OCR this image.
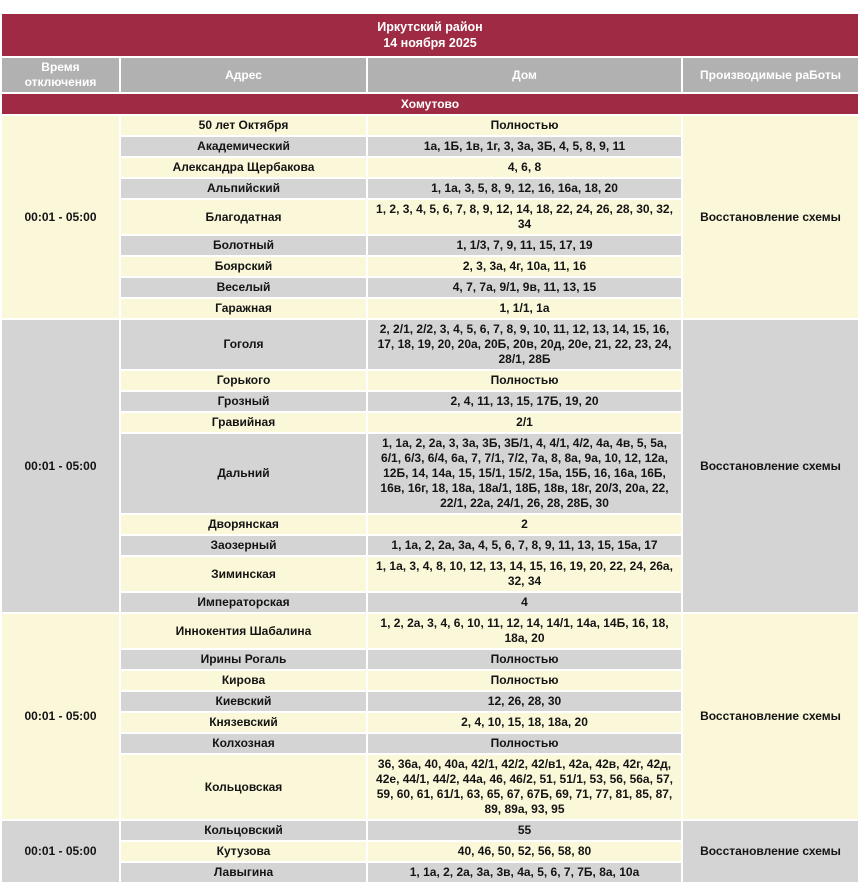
Иркутский район
14 ноября 2025			

Время отключения	Адрес	Дом	Производимые раБоты
Хомутово			
00:01 - 05:00	50 лет Октября	Полностью	Восстановление схемы
	Академический	1а, 1Б, 1в, 1г, 3, 3а, 3Б, 4, 5, 8, 9, 11	
	Александра Щербакова	4, 6, 8	
	Альпийский	1, 1а, 3, 5, 8, 9, 12, 16, 16а, 18, 20	
	Благодатная	1, 2, 3, 4, 5, 6, 7, 8, 9, 12, 14, 18, 22, 24, 26, 28, 30, 32, 34	
	Болотный	1, 1/3, 7, 9, 11, 15, 17, 19	
	Боярский	2, 3, 3а, 4г, 10а, 11, 16	
	Веселый	4, 7, 7а, 9/1, 9в, 11, 13, 15	
	Гаражная	1, 1/1, 1а	
00:01 - 05:00	Гоголя	2, 2/1, 2/2, 3, 4, 5, 6, 7, 8, 9, 10, 11, 12, 13, 14, 15, 16, 17, 18, 19, 20, 20а, 20Б, 20в, 20д, 20е, 21, 22, 23, 24, 28/1, 28Б	Восстановление схемы
	Горького	Полностью	
	Грозный	2, 4, 11, 13, 15, 17Б, 19, 20	
	Гравийная	2/1	
	Дальний	1, 1а, 2, 2а, 3, 3а, 3Б, 3Б/1, 4, 4/1, 4/2, 4а, 4в, 5, 5а, 6/1, 6/3, 6/4, 6а, 7, 7/1, 7/2, 7а, 8, 8а, 9а, 10, 12, 12а, 12Б, 14, 14а, 15, 15/1, 15/2, 15а, 15Б, 16, 16а, 16Б, 16в, 16г, 18, 18а, 18а/1, 18Б, 18в, 18г, 20/3, 20а, 22, 22/1, 22а, 24/1, 26, 28, 28Б, 30	
	Дворянская	2	
	Заозерный	1, 1а, 2, 2а, 3а, 4, 5, 6, 7, 8, 9, 11, 13, 15, 15а, 17	
	Зиминская	1, 1а, 3, 4, 8, 10, 12, 13, 14, 15, 16, 19, 20, 22, 24, 26а, 32, 34	
	Императорская	4	
00:01 - 05:00	Иннокентия Шабалина	1, 2, 2а, 3, 4, 6, 10, 11, 12, 14, 14/1, 14а, 14Б, 16, 18, 18а, 20	Восстановление схемы
	Ирины Рогаль	Полностью	
	Кирова	Полностью	
	Киевский	12, 26, 28, 30	
	Князевский	2, 4, 10, 15, 18, 18а, 20	
	Колхозная	Полностью	
	Кольцовская	36, 36а, 40, 40а, 42/1, 42/2, 42/в1, 42а, 42в, 42г, 42д, 42е, 44/1, 44/2, 44а, 46, 46/2, 51, 51/1, 53, 56, 56а, 57, 59, 60, 61, 61/1, 63, 65, 67, 67Б, 69, 71, 77, 81, 85, 87, 89, 89а, 93, 95	
00:01 - 05:00	Кольцовский	55	Восстановление схемы
	Кутузова	40, 46, 50, 52, 56, 58, 80	
	Лавыгина	1, 1а, 2, 2а, 3а, 3в, 4а, 5, 6, 7, 7Б, 8а, 10а	
